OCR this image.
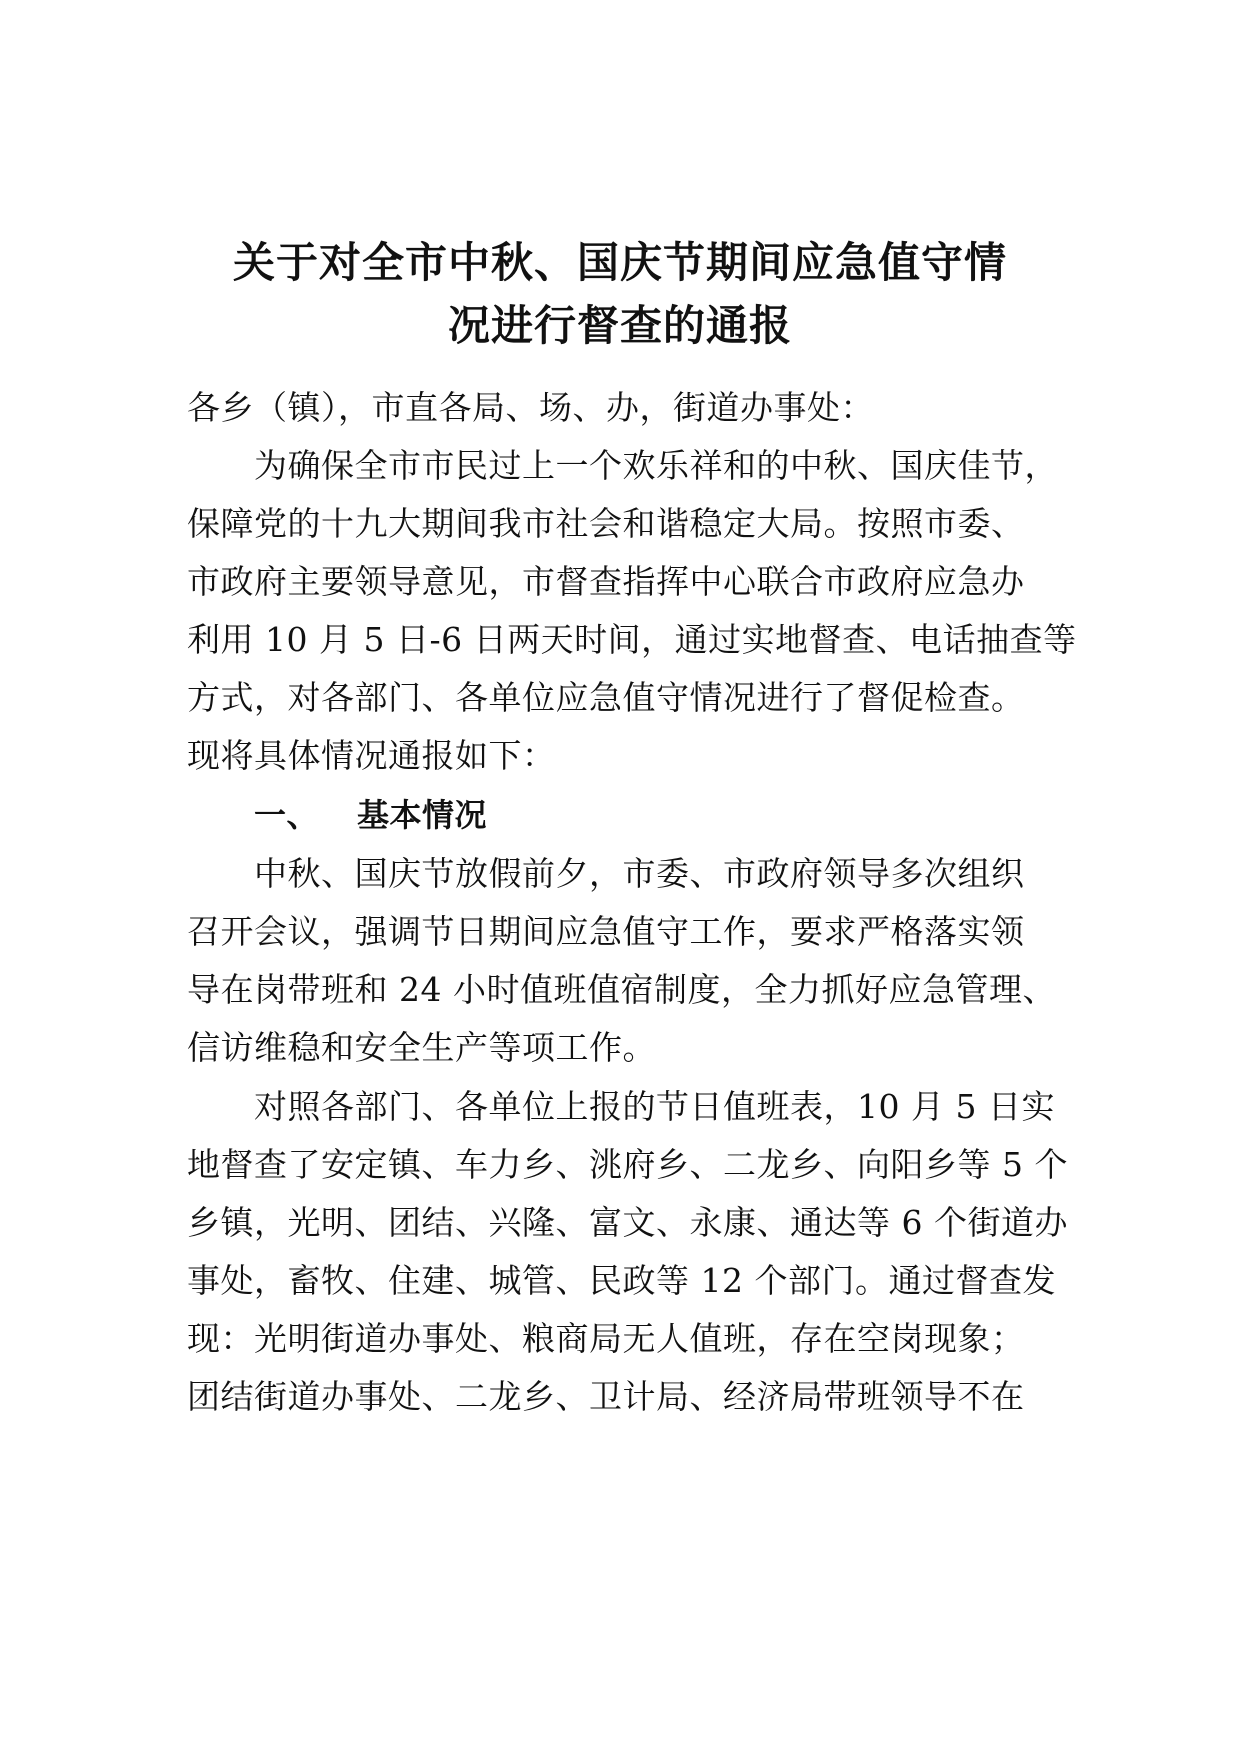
关于对全市中秋、国庆节期间应急值守情
况进行督查的通报
各乡（镇），市直各局、场、办，街道办事处：
为确保全市市民过上一个欢乐祥和的中秋、国庆佳节，
保障党的十九大期间我市社会和谐稳定大局。按照市委、
市政府主要领导意见，市督查指挥中心联合市政府应急办
利用 10 月 5 日-6 日两天时间，通过实地督查、电话抽查等
方式，对各部门、各单位应急值守情况进行了督促检查。
现将具体情况通报如下：
一、 基本情况
中秋、国庆节放假前夕，市委、市政府领导多次组织
召开会议，强调节日期间应急值守工作，要求严格落实领
导在岗带班和 24 小时值班值宿制度，全力抓好应急管理、
信访维稳和安全生产等项工作。
对照各部门、各单位上报的节日值班表，10 月 5 日实
地督查了安定镇、车力乡、洮府乡、二龙乡、向阳乡等 5 个
乡镇，光明、团结、兴隆、富文、永康、通达等 6 个街道办
事处，畜牧、住建、城管、民政等 12 个部门。通过督查发
现：光明街道办事处、粮商局无人值班，存在空岗现象；
团结街道办事处、二龙乡、卫计局、经济局带班领导不在
